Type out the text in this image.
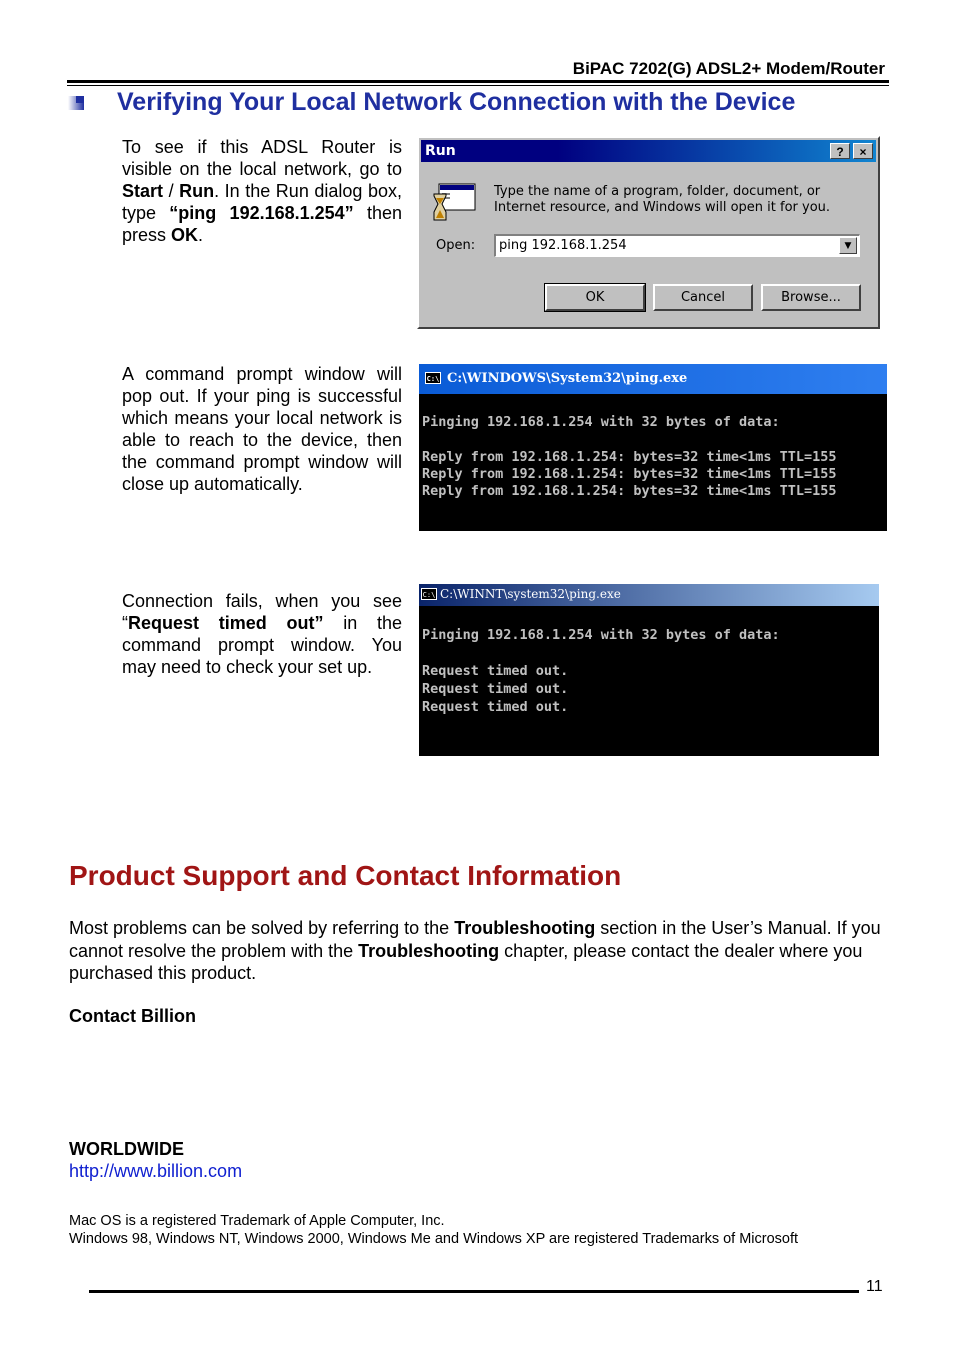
BiPAC 7202(G) ADSL2+ Modem/Router
Verifying Your Local Network Connection with the Device
To see if this ADSL Router is visible on the local network, go to Start / Run. In the Run dialog box, type “ping 192.168.1.254” then press OK.
Run	?	×
Type the name of a program, folder, document, or Internet resource, and Windows will open it for you.
Open:	ping 192.168.1.254	▼
OK	Cancel	Browse...
A command prompt window will pop out. If your ping is successful which means your local network is able to reach to the device, then the command prompt window will close up automatically.
C:\ C:\WINDOWS\System32\ping.exe
Pinging 192.168.1.254 with 32 bytes of data:
Reply from 192.168.1.254: bytes=32 time<1ms TTL=155
Reply from 192.168.1.254: bytes=32 time<1ms TTL=155
Reply from 192.168.1.254: bytes=32 time<1ms TTL=155
Connection fails, when you see “Request timed out” in the command prompt window. You may need to check your set up.
C:\ C:\WINNT\system32\ping.exe
Pinging 192.168.1.254 with 32 bytes of data:
Request timed out.
Request timed out.
Request timed out.
Product Support and Contact Information
Most problems can be solved by referring to the Troubleshooting section in the User’s Manual. If you cannot resolve the problem with the Troubleshooting chapter, please contact the dealer where you purchased this product.
Contact Billion
WORLDWIDE
http://www.billion.com
Mac OS is a registered Trademark of Apple Computer, Inc.
Windows 98, Windows NT, Windows 2000, Windows Me and Windows XP are registered Trademarks of Microsoft
11
